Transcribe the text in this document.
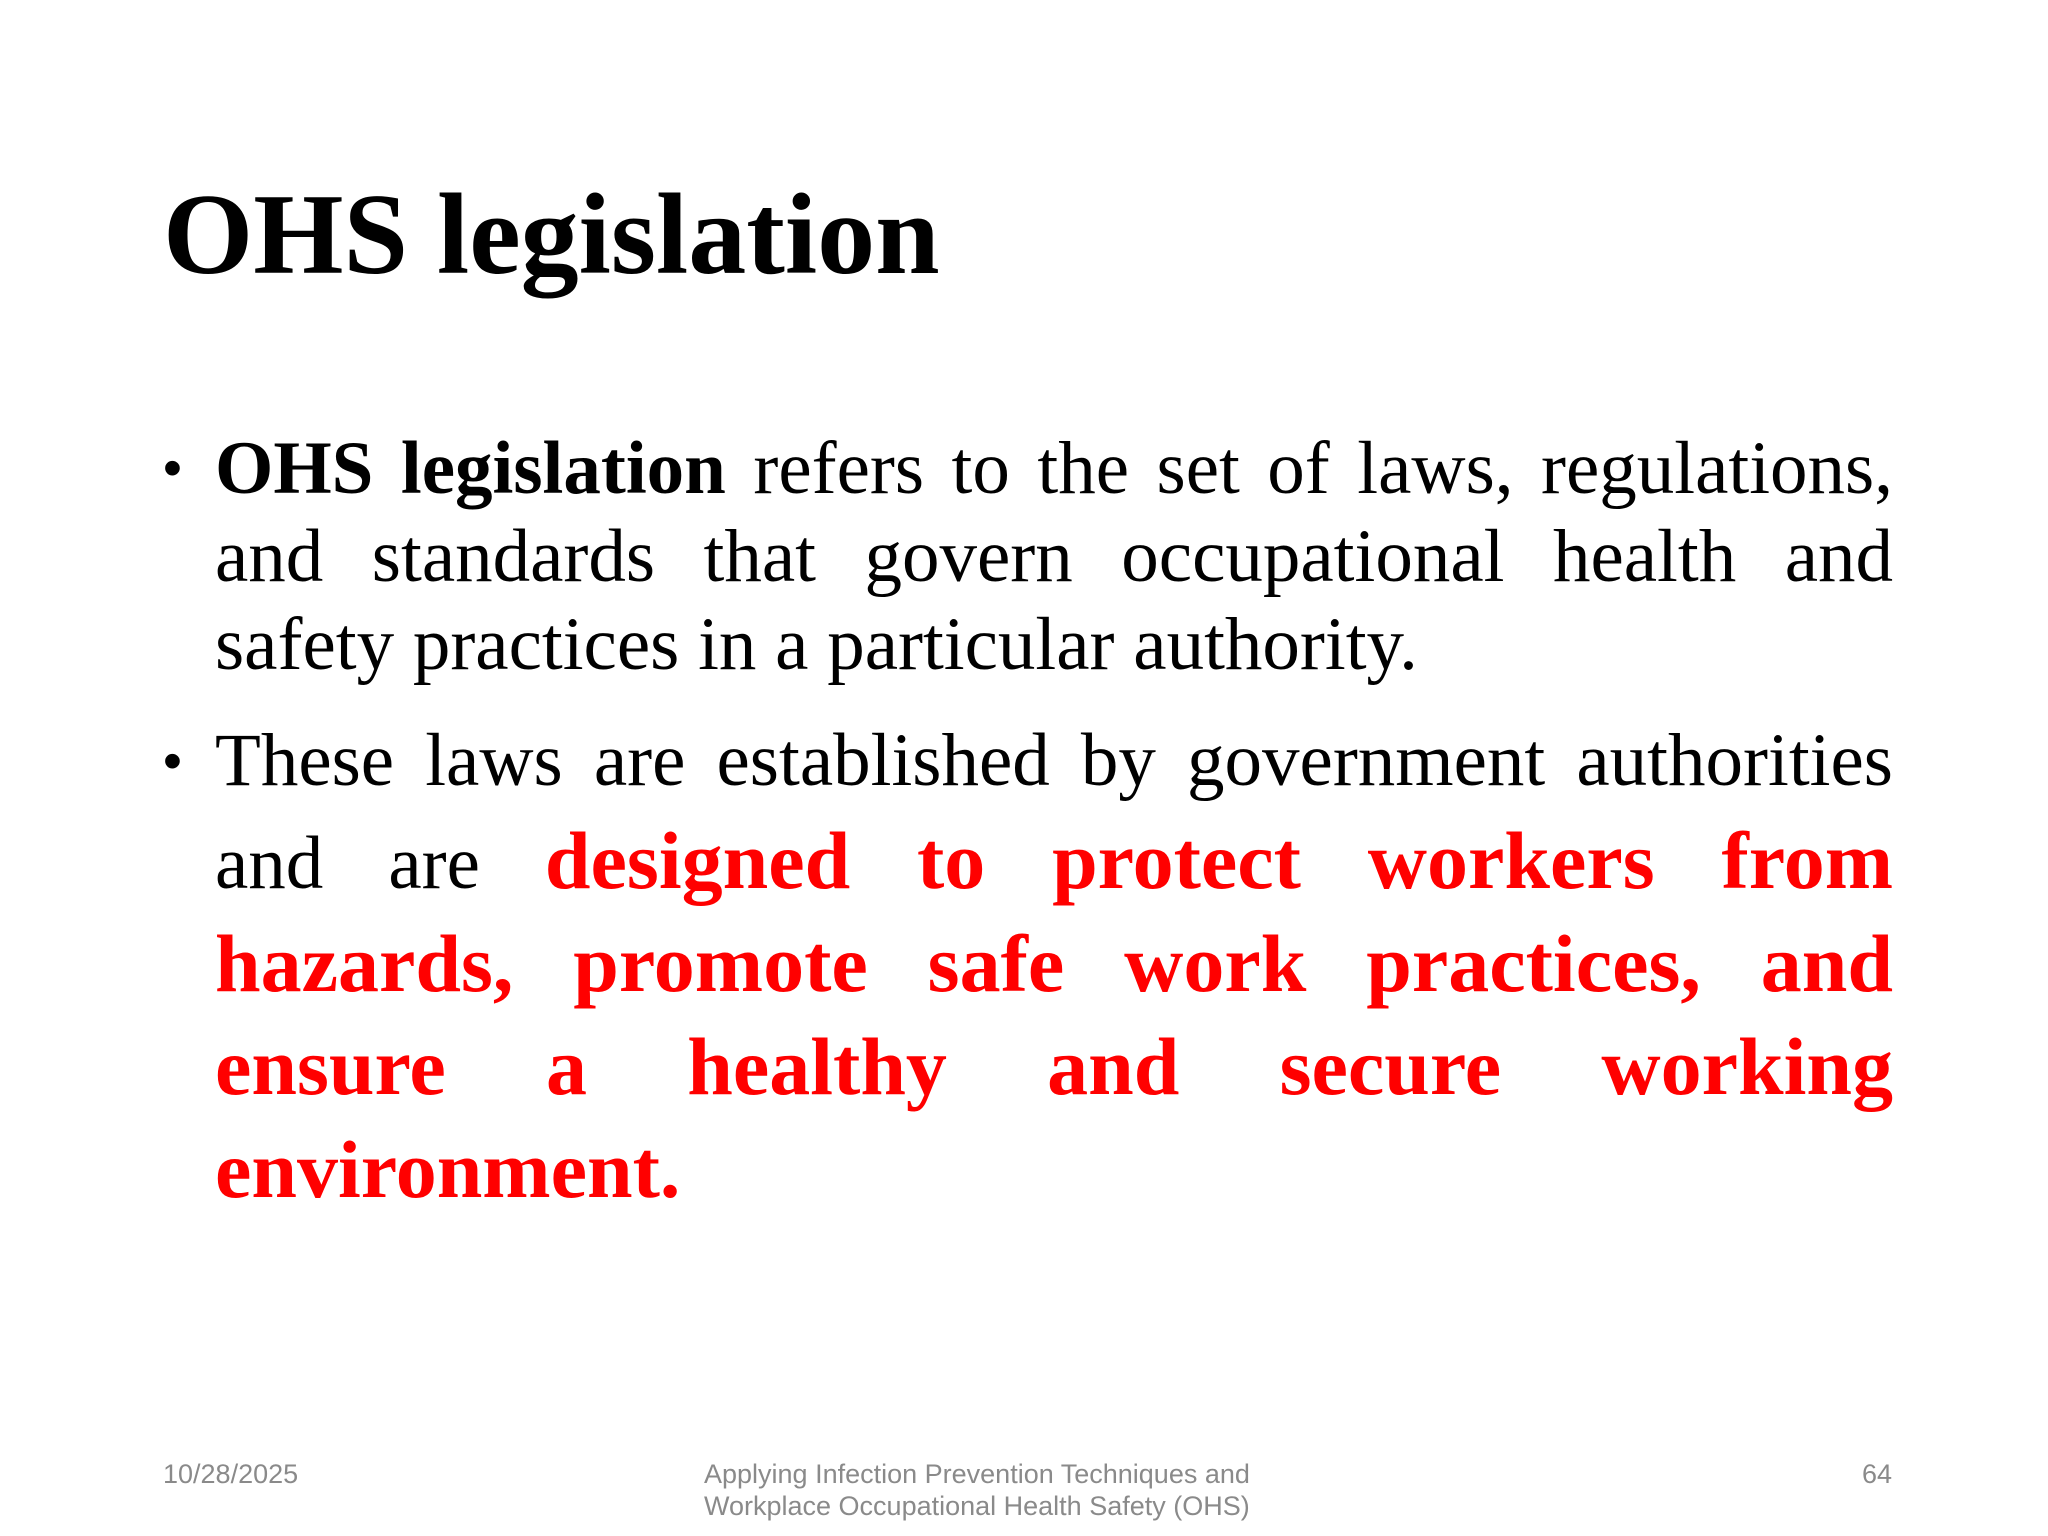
OHS legislation
• OHS legislation refers to the set of laws, regulations, and standards that govern occupational health and safety practices in a particular authority.
• These laws are established by government authorities and are designed to protect workers from hazards, promote safe work practices, and ensure a healthy and secure working environment.
10/28/2025	Applying Infection Prevention Techniques and
Workplace Occupational Health Safety (OHS)
64
